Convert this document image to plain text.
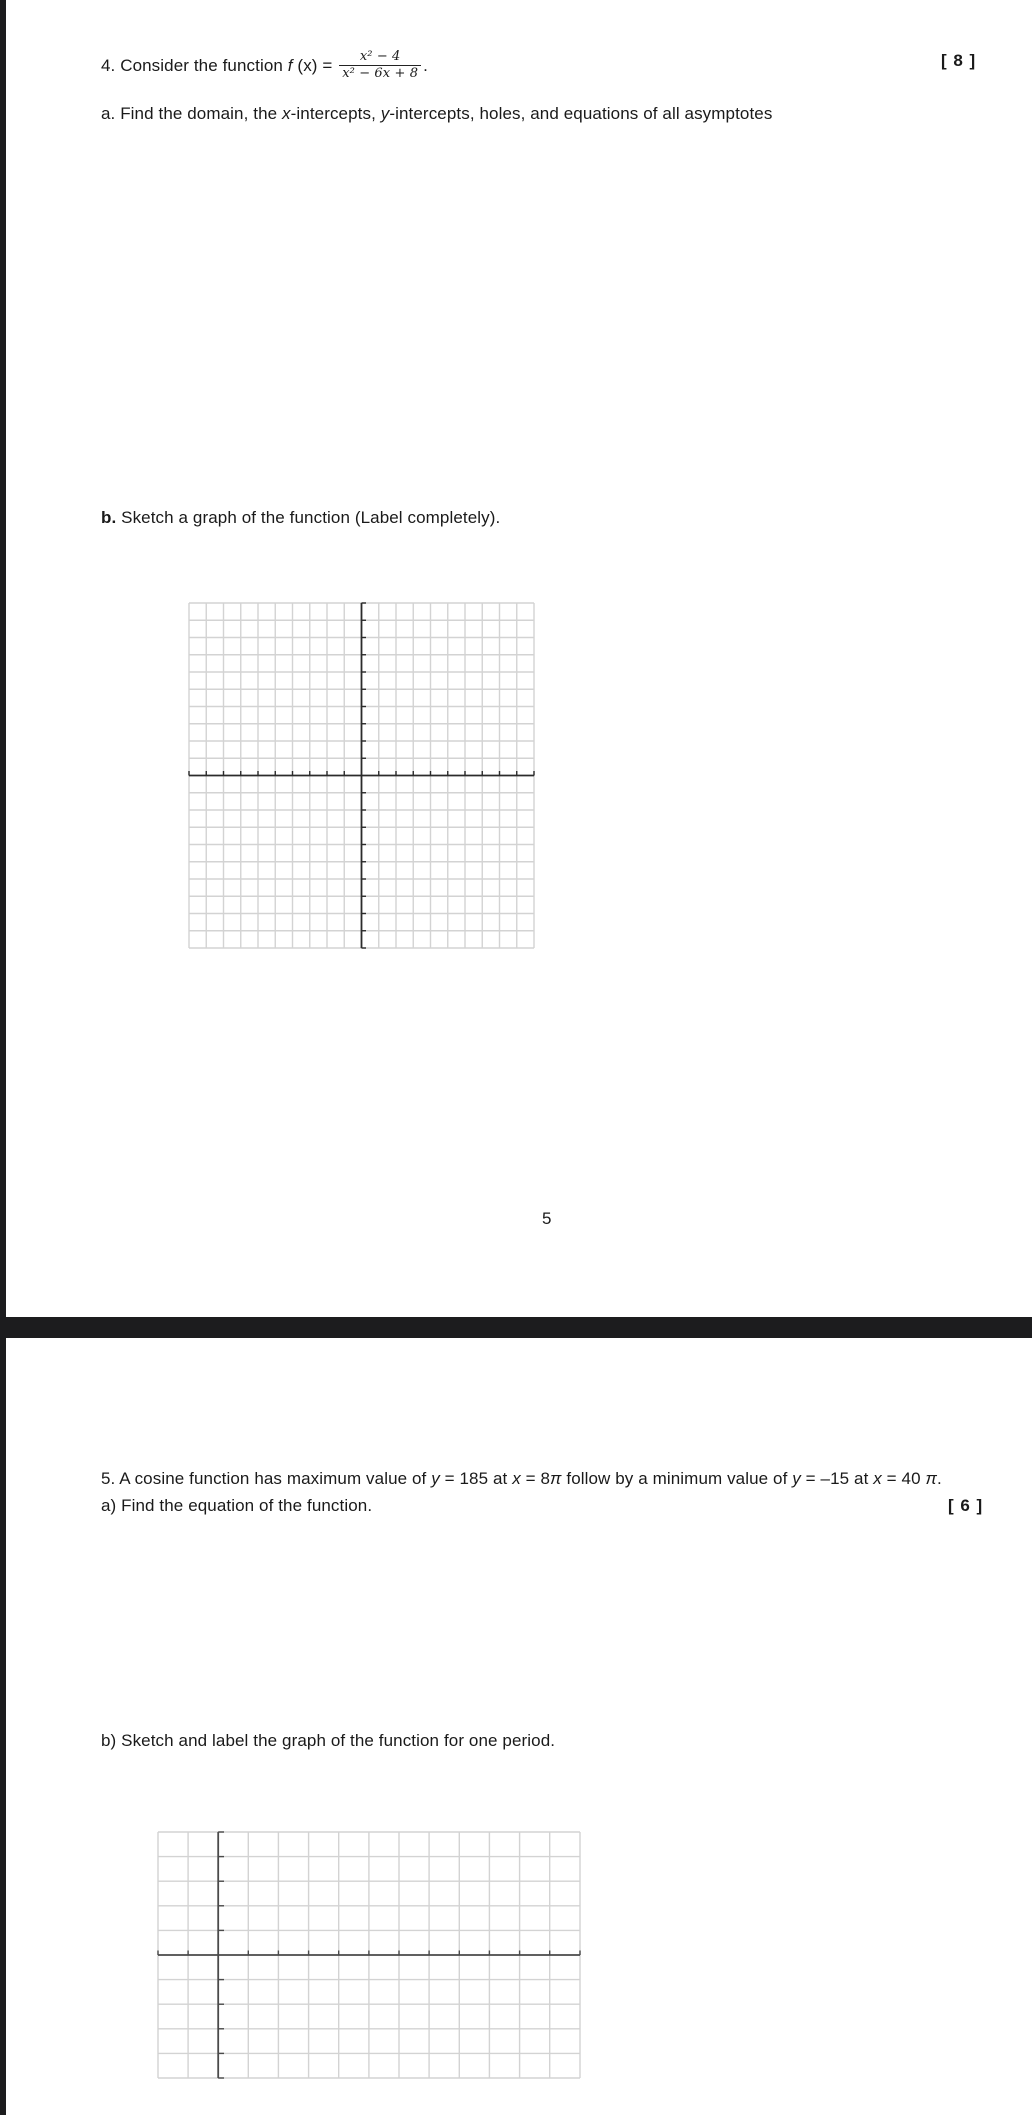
4. Consider the function f $(x) = \frac{\text{x² − 4}}{\text{x² − 6x + 8}}$ .	[ 8 ]
a. Find the domain, the x-intercepts, y-intercepts, holes, and equations of all asymptotes
b. Sketch a graph of the function (Label completely).
5
5. A cosine function has maximum value of y = 185 at x = 8π follow by a minimum value of y = –15 at x = 40 π.
a) Find the equation of the function.	[ 6 ]
b) Sketch and label the graph of the function for one period.
